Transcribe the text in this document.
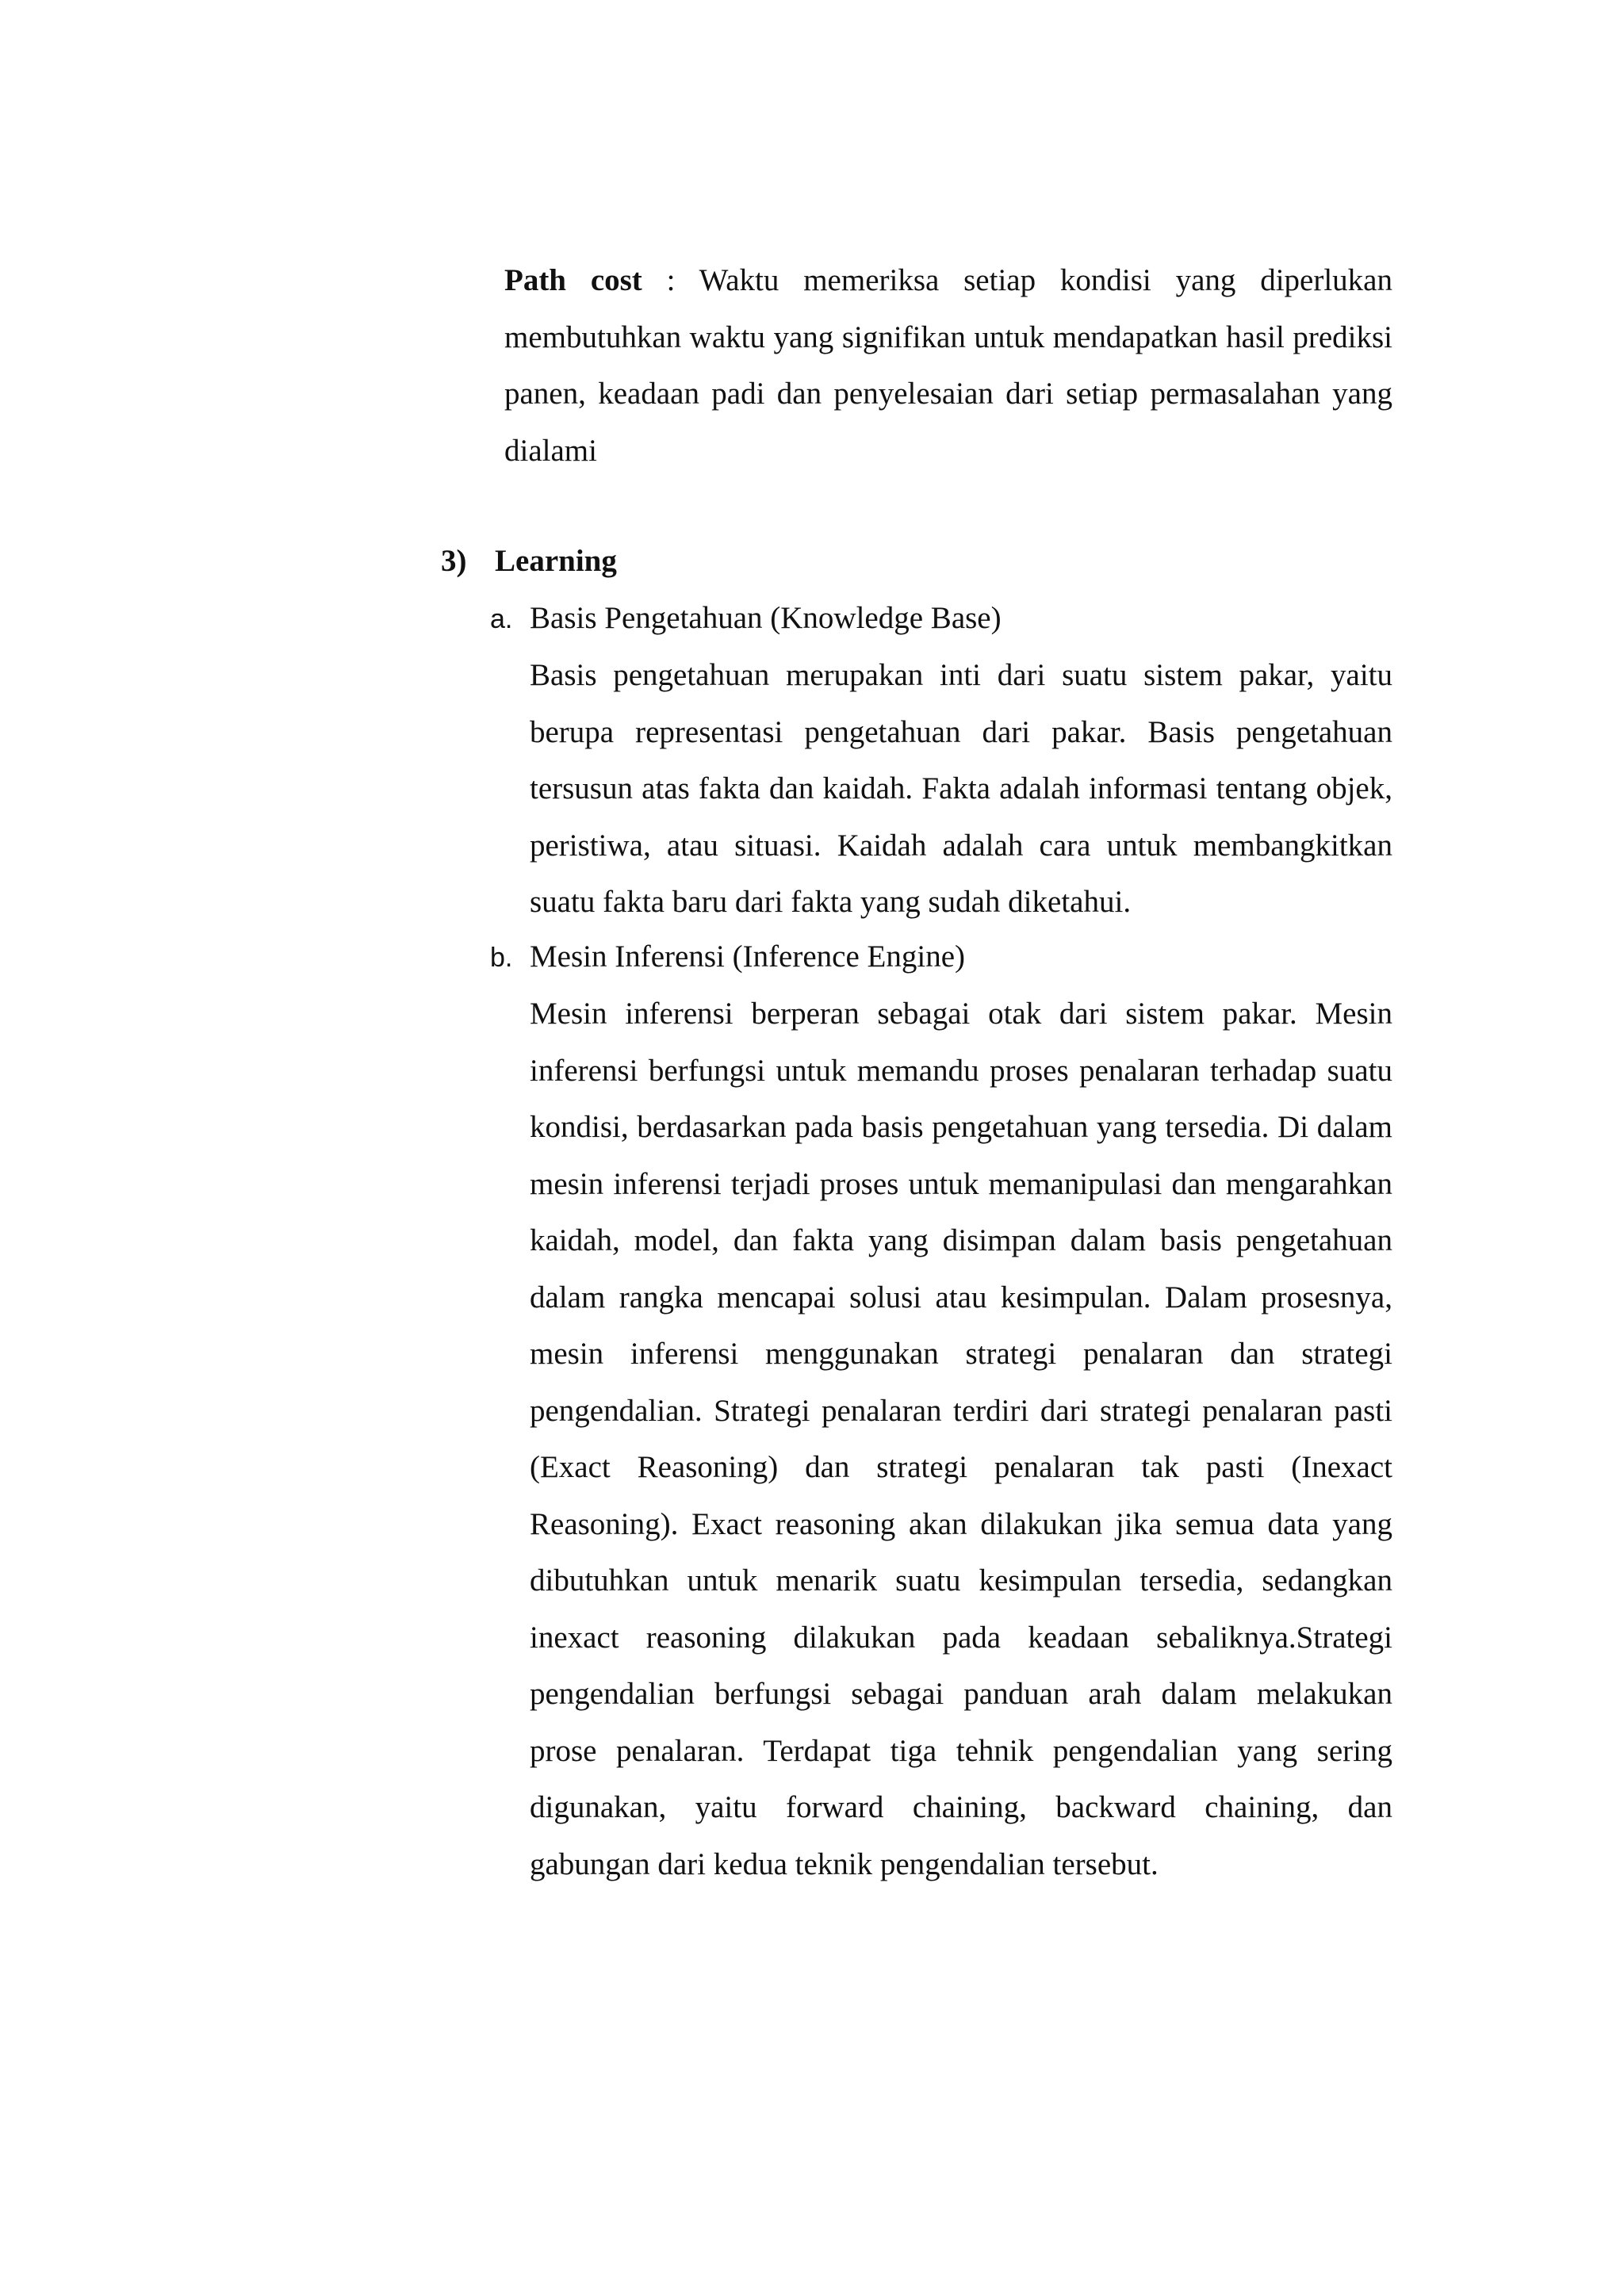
Path cost : Waktu memeriksa setiap kondisi yang diperlukan membutuhkan waktu yang signifikan untuk mendapatkan hasil prediksi panen, keadaan padi dan penyelesaian dari setiap permasalahan yang dialami

3) Learning
a. Basis Pengetahuan (Knowledge Base)

Basis pengetahuan merupakan inti dari suatu sistem pakar, yaitu berupa representasi pengetahuan dari pakar. Basis pengetahuan tersusun atas fakta dan kaidah. Fakta adalah informasi tentang objek, peristiwa, atau situasi. Kaidah adalah cara untuk membangkitkan suatu fakta baru dari fakta yang sudah diketahui.

b. Mesin Inferensi (Inference Engine)

Mesin inferensi berperan sebagai otak dari sistem pakar. Mesin inferensi berfungsi untuk memandu proses penalaran terhadap suatu kondisi, berdasarkan pada basis pengetahuan yang tersedia. Di dalam mesin inferensi terjadi proses untuk memanipulasi dan mengarahkan kaidah, model, dan fakta yang disimpan dalam basis pengetahuan dalam rangka mencapai solusi atau kesimpulan. Dalam prosesnya, mesin inferensi menggunakan strategi penalaran dan strategi pengendalian. Strategi penalaran terdiri dari strategi penalaran pasti (Exact Reasoning) dan strategi penalaran tak pasti (Inexact Reasoning). Exact reasoning akan dilakukan jika semua data yang dibutuhkan untuk menarik suatu kesimpulan tersedia, sedangkan inexact reasoning dilakukan pada keadaan sebaliknya.Strategi pengendalian berfungsi sebagai panduan arah dalam melakukan prose penalaran. Terdapat tiga tehnik pengendalian yang sering digunakan, yaitu forward chaining, backward chaining, dan gabungan dari kedua teknik pengendalian tersebut.
